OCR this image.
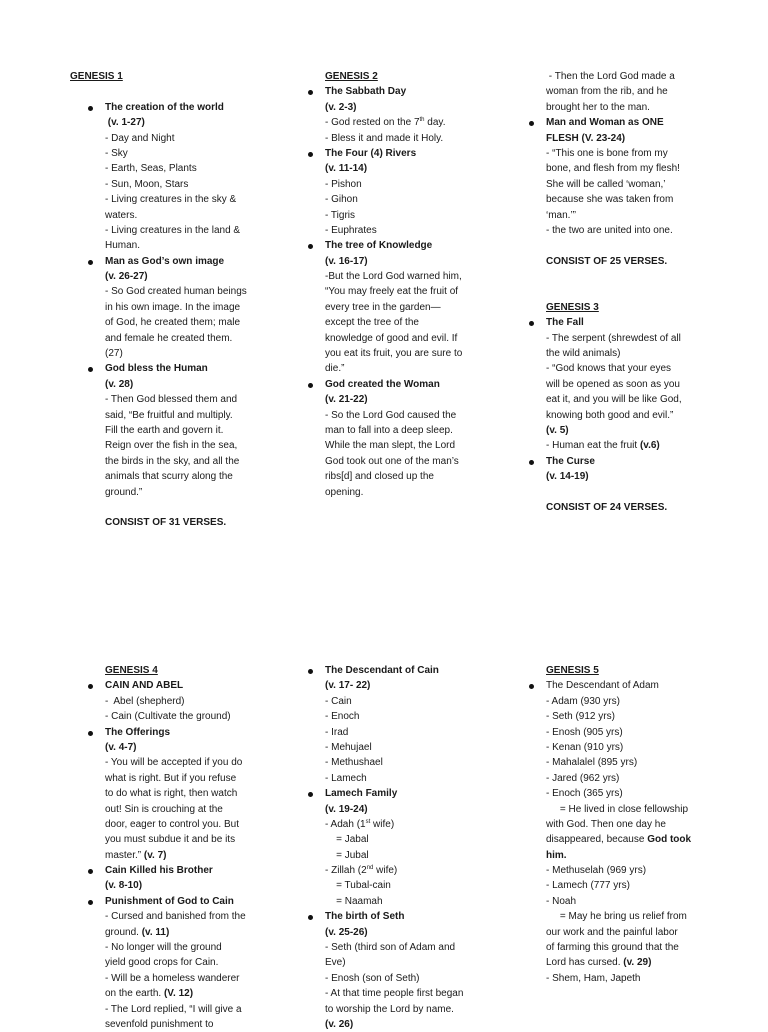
GENESIS 1
The creation of the world
(v. 1-27)
- Day and Night
- Sky
- Earth, Seas, Plants
- Sun, Moon, Stars
- Living creatures in the sky &
waters.
- Living creatures in the land &
Human.
Man as God’s own image
(v. 26-27)
- So God created human beings
in his own image. In the image
of God, he created them; male
and female he created them.
(27)
God bless the Human
(v. 28)
- Then God blessed them and
said, “Be fruitful and multiply.
Fill the earth and govern it.
Reign over the fish in the sea,
the birds in the sky, and all the
animals that scurry along the
ground.”
CONSIST OF 31 VERSES.
GENESIS 2
The Sabbath Day
(v. 2-3)
- God rested on the 7th day.
- Bless it and made it Holy.
The Four (4) Rivers
(v. 11-14)
- Pishon
- Gihon
- Tigris
- Euphrates
The tree of Knowledge
(v. 16-17)
-But the Lord God warned him,
“You may freely eat the fruit of
every tree in the garden—
except the tree of the
knowledge of good and evil. If
you eat its fruit, you are sure to
die.”
God created the Woman
(v. 21-22)
- So the Lord God caused the
man to fall into a deep sleep.
While the man slept, the Lord
God took out one of the man’s
ribs[d] and closed up the
opening.
- Then the Lord God made a
woman from the rib, and he
brought her to the man.
Man and Woman as ONE
FLESH (V. 23-24)
- “This one is bone from my
bone, and flesh from my flesh!
She will be called ‘woman,’
because she was taken from
‘man.’”
- the two are united into one.
CONSIST OF 25 VERSES.
GENESIS 3
The Fall
- The serpent (shrewdest of all
the wild animals)
- “God knows that your eyes
will be opened as soon as you
eat it, and you will be like God,
knowing both good and evil.”
(v. 5)
- Human eat the fruit (v.6)
The Curse
(v. 14-19)
CONSIST OF 24 VERSES.
GENESIS 4
CAIN AND ABEL
-  Abel (shepherd)
- Cain (Cultivate the ground)
The Offerings
(v. 4-7)
- You will be accepted if you do
what is right. But if you refuse
to do what is right, then watch
out! Sin is crouching at the
door, eager to control you. But
you must subdue it and be its
master.” (v. 7)
Cain Killed his Brother
(v. 8-10)
Punishment of God to Cain
- Cursed and banished from the
ground. (v. 11)
- No longer will the ground
yield good crops for Cain.
- Will be a homeless wanderer
on the earth. (V. 12)
- The Lord replied, “I will give a
sevenfold punishment to
The Descendant of Cain
(v. 17- 22)
- Cain
- Enoch
- Irad
- Mehujael
- Methushael
- Lamech
Lamech Family
(v. 19-24)
- Adah (1st wife)
= Jabal
= Jubal
- Zillah (2nd wife)
= Tubal-cain
= Naamah
The birth of Seth
(v. 25-26)
- Seth (third son of Adam and
Eve)
- Enosh (son of Seth)
- At that time people first began
to worship the Lord by name.
(v. 26)
GENESIS 5
The Descendant of Adam
- Adam (930 yrs)
- Seth (912 yrs)
- Enosh (905 yrs)
- Kenan (910 yrs)
- Mahalalel (895 yrs)
- Jared (962 yrs)
- Enoch (365 yrs)
= He lived in close fellowship
with God. Then one day he
disappeared, because God took
him.
- Methuselah (969 yrs)
- Lamech (777 yrs)
- Noah
= May he bring us relief from
our work and the painful labor
of farming this ground that the
Lord has cursed. (v. 29)
- Shem, Ham, Japeth
